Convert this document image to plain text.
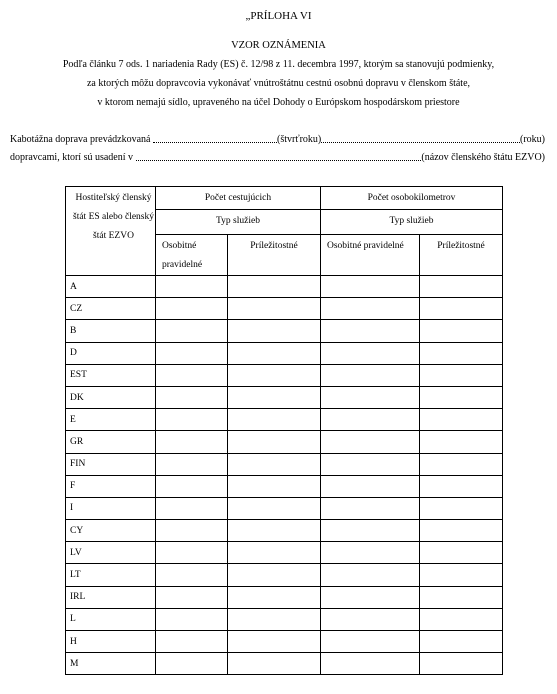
„PRÍLOHA VI
VZOR OZNÁMENIA
Podľa článku 7 ods. 1 nariadenia Rady (ES) č. 12/98 z 11. decembra 1997, ktorým sa stanovujú podmienky,
za ktorých môžu dopravcovia vykonávať vnútroštátnu cestnú osobnú dopravu v členskom štáte,
v ktorom nemajú sídlo, upraveného na účel Dohody o Európskom hospodárskom priestore
Kabotážna doprava prevádzkovaná
	(štvrťroku)	(roku)
dopravcami, ktorí sú usadení v
	(názov členského štátu EZVO)
Hostiteľský členský štát ES alebo členský štát EZVO	Počet cestujúcich		Počet osobokilometrov	
	Typ služieb		Typ služieb	
	Osobitné pravidelné	Príležitostné	Osobitné pravidelné	Príležitostné
A				
CZ				
B				
D				
EST				
DK				
E				
GR				
FIN				
F				
I				
CY				
LV				
LT				
IRL				
L				
H				
M				
